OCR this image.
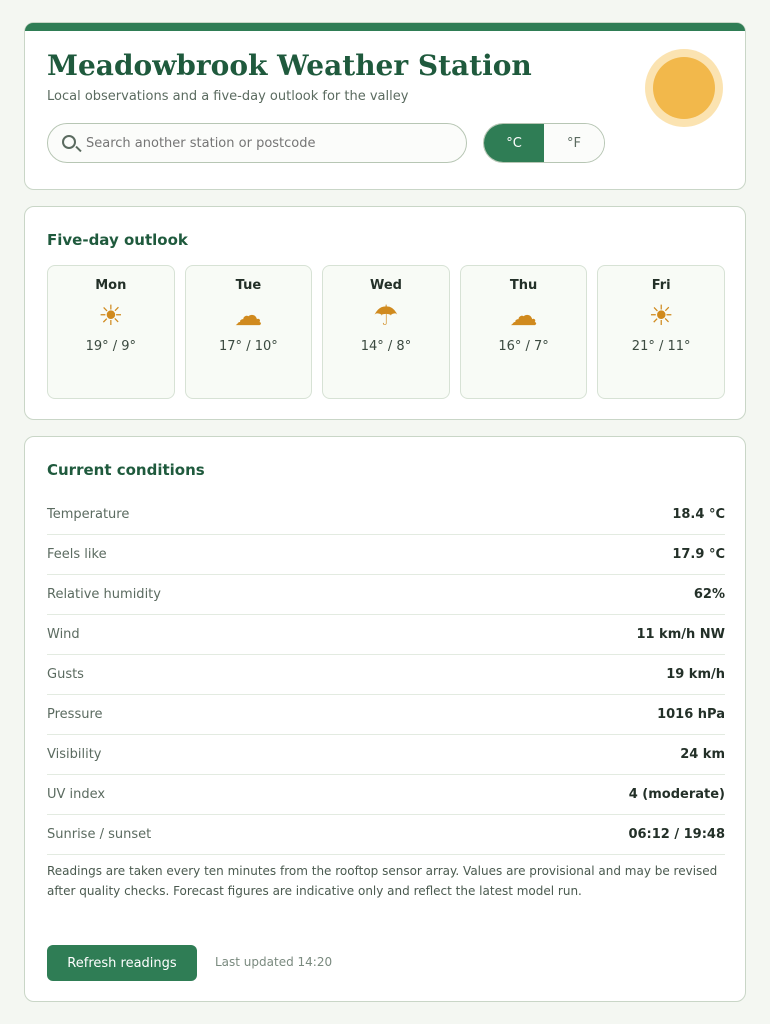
Meadowbrook Weather Station
Local observations and a five-day outlook for the valley
Search another station or postcode
°C	°F
Five-day outlook
Mon
☀
19° / 9°
Tue
☁
17° / 10°
Wed
☂
14° / 8°
Thu
☁
16° / 7°
Fri
☀
21° / 11°
Current conditions
Temperature	18.4 °C
Feels like	17.9 °C
Relative humidity	62%
Wind	11 km/h NW
Gusts	19 km/h
Pressure	1016 hPa
Visibility	24 km
UV index	4 (moderate)
Sunrise / sunset	06:12 / 19:48
Readings are taken every ten minutes from the rooftop sensor array. Values are provisional and may be revised after quality checks. Forecast figures are indicative only and reflect the latest model run.
Refresh readings	Last updated 14:20
